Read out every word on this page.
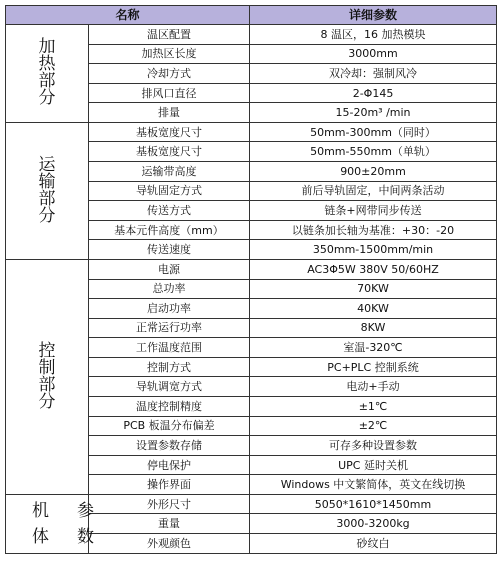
名称		详细参数

加
热
部
分	温区配置	8 温区，16 加热模块
	加热区长度	3000mm
	冷却方式	双冷却：强制风冷
	排风口直径	2-Φ145
	排量	15-20m³ /min

运
输
部
分	基板宽度尺寸	50mm-300mm（同时）
	基板宽度尺寸	50mm-550mm（单轨）
	运输带高度	900±20mm
	导轨固定方式	前后导轨固定，中间两条活动
	传送方式	链条+网带同步传送
	基本元件高度（mm）	以链条加长轴为基准：+30：-20
	传送速度	350mm-1500mm/min

控
制
部
分	电源	AC3Φ5W 380V 50/60HZ
	总功率	70KW
	启动功率	40KW
	正常运行功率	8KW
	工作温度范围	室温-320℃
	控制方式	PC+PLC 控制系统
	导轨调宽方式	电动+手动
	温度控制精度	±1℃
	PCB 板温分布偏差	±2℃
	设置参数存储	可存多种设置参数
	停电保护	UPC 延时关机
	操作界面	Windows 中文繁简体，英文在线切换

机参
体数	外形尺寸	5050*1610*1450mm
	重量	3000-3200kg
	外观颜色	砂纹白
